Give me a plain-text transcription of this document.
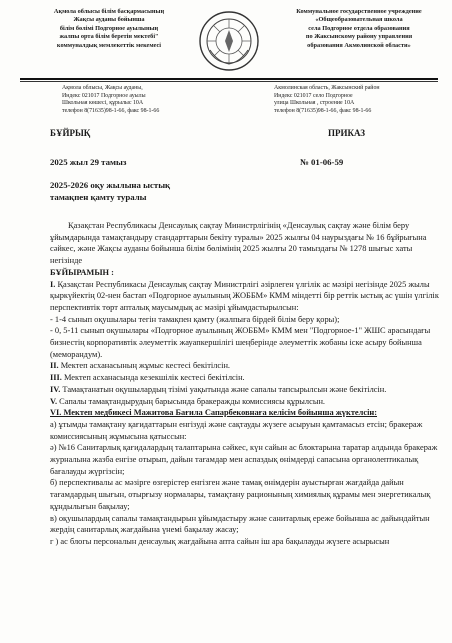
Ақмола облысы білім басқармасының
Жақсы ауданы бойынша
білім бөлімі Подгорное ауылының
жалпы орта білім беретін мектебі"
коммуналдық мемлекеттік мекемесі
Коммунальное государственное учреждение
«Общеобразовательная школа
села Подгорное отдела образования
по Жаксынскому району управления
образования Акмолинской области»
Ақмола облысы, Жақсы ауданы,
Индекс 021017 Подгорное ауылы
Школьная көшесі, құрылыс 10А
телефон 8(71635)98-1-66, факс 98-1-66
Акмолинская область, Жаксынский район
Индекс 021017 село Подгорное
улица Школьная , строение 10А
телефон 8(71635)98-1-66, факс 98-1-66
БҰЙРЫҚ	ПРИКАЗ
2025 жыл 29 тамыз	№ 01-06-59
2025-2026 оқу жылына ыстық
тамақпен қамту туралы

Қазақстан Республикасы Денсаулық сақтау Министрлігінің «Денсаулық сақтау және білім беру ұйымдарында тамақтандыру стандарттарын бекіту туралы» 2025 жылғы 04 наурыздағы № 16 бұйрығына сәйкес, және Жақсы ауданы бойынша білім бөлімінің 2025 жылғы 20 тамыздағы № 1278 шығыс хаты негізінде

БҰЙЫРАМЫН :

I. Қазақстан Республикасы Денсаулық сақтау Министрлігі әзірлеген үлгілік ас мәзірі негізінде 2025 жылы қыркүйектің 02-нен бастап «Подгорное ауылының ЖОББМ» КММ міндетті бір реттік ыстық ас үшін үлгілік перспективтік төрт апталық маусымдық ас мәзірі ұйымдастырылсын:

- 1-4 сынып оқушылары тегін тамақпен қамту (жалпыға бірдей білім беру қоры);

- 0, 5-11 сынып оқушылары «Подгорное ауылының ЖОББМ» КММ мен "Подгорное-1" ЖШС арасындағы бизнестің корпоративтік әлеуметтік жауапкершілігі шеңберінде әлеуметтік жобаны іске асыру бойынша (меморандум).

II. Мектеп асханасының жұмыс кестесі бекітілсін.

III. Мектеп асханасында кезекшілік кестесі бекітілсін.

IV. Тамақтанатын оқушылардың тізімі уақытында және сапалы тапсырылсын және бекітілсін.

V. Сапалы тамақтандырудың барысында бракеражды комиссиясы құрылсын.

VI. Мектеп медбикесі Мажитова Бағила Сапарбековнаға келісім бойынша жүктелсін:

а) ұтымды тамақтану қағидаттарын енгізуді және сақтауды жүзеге асыруын қамтамасыз етсін; бракераж комиссиясының жұмысына қатыссын:

ә) №16 Санитарлық қағидалардың талаптарына сәйкес, күн сайын ас блоктарына таратар алдында бракераж журналына жазба енгізе отырып, дайын тағамдар мен аспаздық өнімдерді сапасына органолептикалық бағалауды жүргізсін;

б) перспективалы ас мәзірге өзгерістер енгізген және тамақ өнімдерін ауыстырған жағдайда дайын тағамдардың шығын, отырғызу нормалары, тамақтану рационының химиялық құрамы мен энергетикалық құндылығын бақылау;

в) оқушылардың сапалы тамақтандырын ұйымдастыру және санитарлық ереже бойынша ас дайындайтын жердің санитарлық жағдайына үнемі бақылау жасау;

г ) ас блогы персоналын денсаулық жағдайына апта сайын іш ара бақылауды жүзеге асырысын
